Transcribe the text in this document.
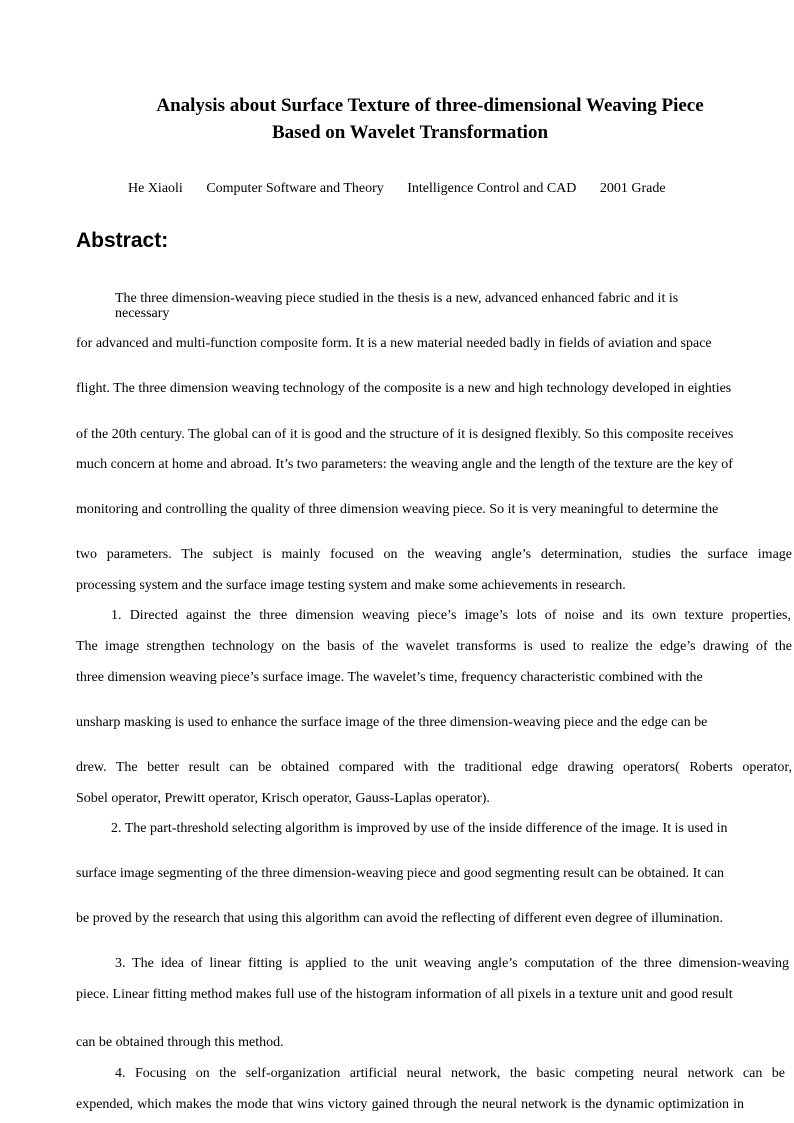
Analysis about Surface Texture of three-dimensional Weaving Piece
Based on Wavelet Transformation
He Xiaoli Computer Software and Theory Intelligence Control and CAD 2001 Grade
Abstract:

The three dimension-weaving piece studied in the thesis is a new, advanced enhanced fabric and it is necessary

for advanced and multi-function composite form. It is a new material needed badly in fields of aviation and space

flight. The three dimension weaving technology of the composite is a new and high technology developed in eighties

of the 20th century. The global can of it is good and the structure of it is designed flexibly. So this composite receives

much concern at home and abroad. It’s two parameters: the weaving angle and the length of the texture are the key of

monitoring and controlling the quality of three dimension weaving piece. So it is very meaningful to determine the

two parameters. The subject is mainly focused on the weaving angle’s determination, studies the surface image

processing system and the surface image testing system and make some achievements in research.

1. Directed against the three dimension weaving piece’s image’s lots of noise and its own texture properties,

The image strengthen technology on the basis of the wavelet transforms is used to realize the edge’s drawing of the

three dimension weaving piece’s surface image. The wavelet’s time, frequency characteristic combined with the

unsharp masking is used to enhance the surface image of the three dimension-weaving piece and the edge can be

drew. The better result can be obtained compared with the traditional edge drawing operators( Roberts operator,

Sobel operator, Prewitt operator, Krisch operator, Gauss-Laplas operator).

2. The part-threshold selecting algorithm is improved by use of the inside difference of the image. It is used in

surface image segmenting of the three dimension-weaving piece and good segmenting result can be obtained. It can

be proved by the research that using this algorithm can avoid the reflecting of different even degree of illumination.

3. The idea of linear fitting is applied to the unit weaving angle’s computation of the three dimension-weaving

piece. Linear fitting method makes full use of the histogram information of all pixels in a texture unit and good result

can be obtained through this method.

4. Focusing on the self-organization artificial neural network, the basic competing neural network can be

expended, which makes the mode that wins victory gained through the neural network is the dynamic optimization in
